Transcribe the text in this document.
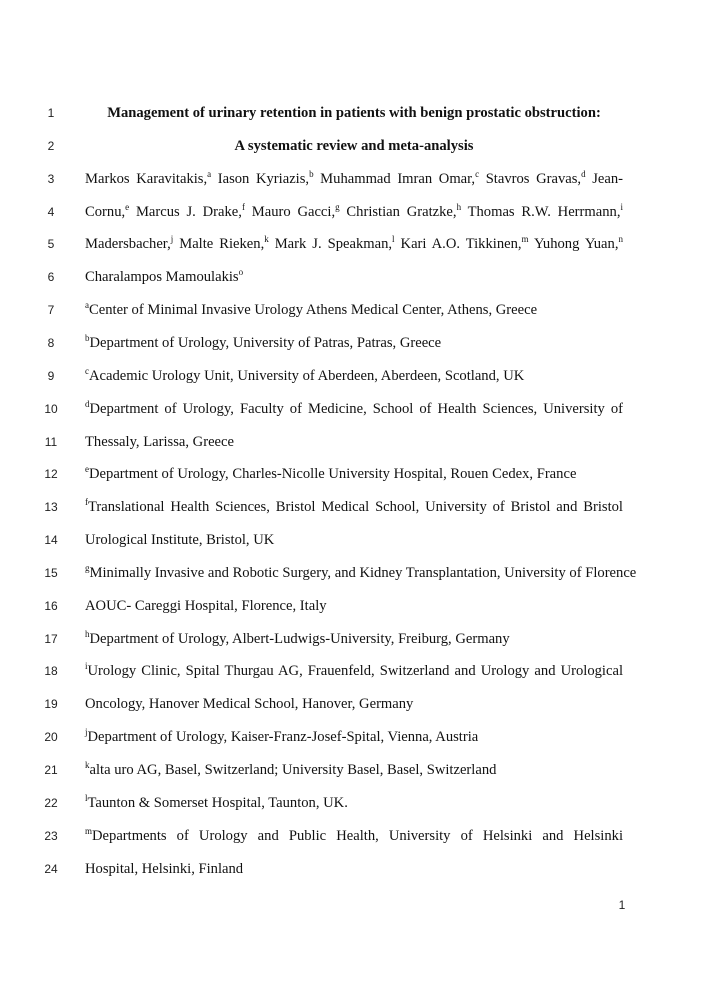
1	Management of urinary retention in patients with benign prostatic obstruction:
2	A systematic review and meta-analysis
3	Markos Karavitakis,$^a$ Iason Kyriazis,$^b$ Muhammad Imran Omar,$^c$ Stavros Gravas,$^d$ Jean-
4	Cornu,$^e$ Marcus J. Drake,$^f$ Mauro Gacci,$^g$ Christian Gratzke,$^h$ Thomas R.W. Herrmann,$^i$
5	Madersbacher,$^j$ Malte Rieken,$^k$ Mark J. Speakman,$^l$ Kari A.O. Tikkinen,$^m$ Yuhong Yuan,$^n$
6	Charalampos Mamoulakis$^o$
7	$^a$Center of Minimal Invasive Urology Athens Medical Center, Athens, Greece
8	$^b$Department of Urology, University of Patras, Patras, Greece
9	$^c$Academic Urology Unit, University of Aberdeen, Aberdeen, Scotland, UK
10	$^d$Department of Urology, Faculty of Medicine, School of Health Sciences, University of
11	Thessaly, Larissa, Greece
12	$^e$Department of Urology, Charles-Nicolle University Hospital, Rouen Cedex, France
13	$^f$Translational Health Sciences, Bristol Medical School, University of Bristol and Bristol
14	Urological Institute, Bristol, UK
15	$^g$Minimally Invasive and Robotic Surgery, and Kidney Transplantation, University of Florence
16	AOUC- Careggi Hospital, Florence, Italy
17	$^h$Department of Urology, Albert-Ludwigs-University, Freiburg, Germany
18	$^i$Urology Clinic, Spital Thurgau AG, Frauenfeld, Switzerland and Urology and Urological
19	Oncology, Hanover Medical School, Hanover, Germany
20	$^j$Department of Urology, Kaiser-Franz-Josef-Spital, Vienna, Austria
21	$^k$alta uro AG, Basel, Switzerland; University Basel, Basel, Switzerland
22	$^l$Taunton & Somerset Hospital, Taunton, UK.
23	$^m$Departments of Urology and Public Health, University of Helsinki and Helsinki
24	Hospital, Helsinki, Finland
1
